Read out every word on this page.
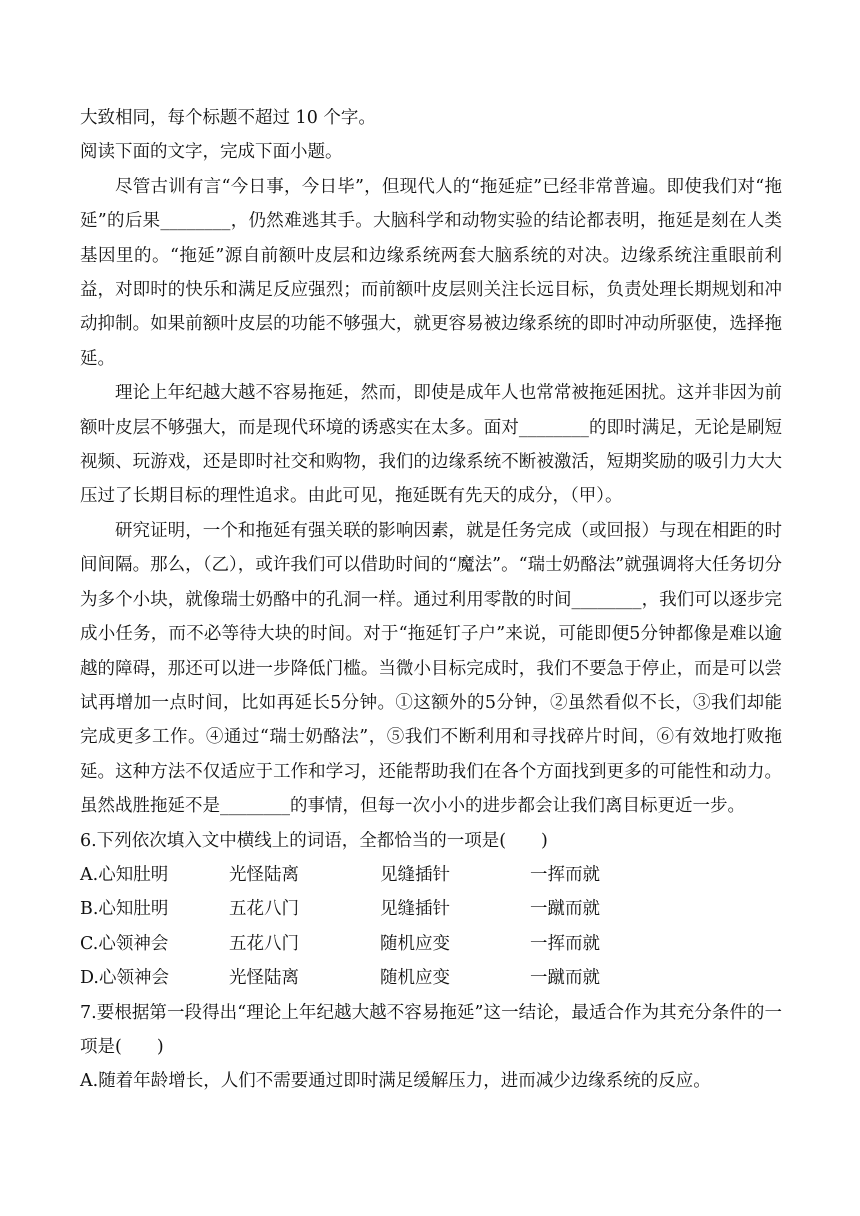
大致相同，每个标题不超过 10 个字。

阅读下面的文字，完成下面小题。

尽管古训有言“今日事，今日毕”，但现代人的“拖延症”已经非常普遍。即使我们对“拖延”的后果________，仍然难逃其手。大脑科学和动物实验的结论都表明，拖延是刻在人类基因里的。“拖延”源自前额叶皮层和边缘系统两套大脑系统的对决。边缘系统注重眼前利益，对即时的快乐和满足反应强烈；而前额叶皮层则关注长远目标，负责处理长期规划和冲动抑制。如果前额叶皮层的功能不够强大，就更容易被边缘系统的即时冲动所驱使，选择拖延。

理论上年纪越大越不容易拖延，然而，即使是成年人也常常被拖延困扰。这并非因为前额叶皮层不够强大，而是现代环境的诱惑实在太多。面对________的即时满足，无论是刷短视频、玩游戏，还是即时社交和购物，我们的边缘系统不断被激活，短期奖励的吸引力大大压过了长期目标的理性追求。由此可见，拖延既有先天的成分，（甲）。

研究证明，一个和拖延有强关联的影响因素，就是任务完成（或回报）与现在相距的时间间隔。那么，（乙），或许我们可以借助时间的“魔法”。“瑞士奶酪法”就强调将大任务切分为多个小块，就像瑞士奶酪中的孔洞一样。通过利用零散的时间________，我们可以逐步完成小任务，而不必等待大块的时间。对于“拖延钉子户”来说，可能即便5分钟都像是难以逾越的障碍，那还可以进一步降低门槛。当微小目标完成时，我们不要急于停止，而是可以尝试再增加一点时间，比如再延长5分钟。①这额外的5分钟，②虽然看似不长，③我们却能完成更多工作。④通过“瑞士奶酪法”，⑤我们不断利用和寻找碎片时间，⑥有效地打败拖延。这种方法不仅适应于工作和学习，还能帮助我们在各个方面找到更多的可能性和动力。虽然战胜拖延不是________的事情，但每一次小小的进步都会让我们离目标更近一步。

6.下列依次填入文中横线上的词语，全都恰当的一项是(　　)

A.心知肚明	光怪陆离	见缝插针	一挥而就
B.心知肚明	五花八门	见缝插针	一蹴而就
C.心领神会	五花八门	随机应变	一挥而就
D.心领神会	光怪陆离	随机应变	一蹴而就

7.要根据第一段得出“理论上年纪越大越不容易拖延”这一结论，最适合作为其充分条件的一项是(　　)

A.随着年龄增长，人们不需要通过即时满足缓解压力，进而减少边缘系统的反应。
